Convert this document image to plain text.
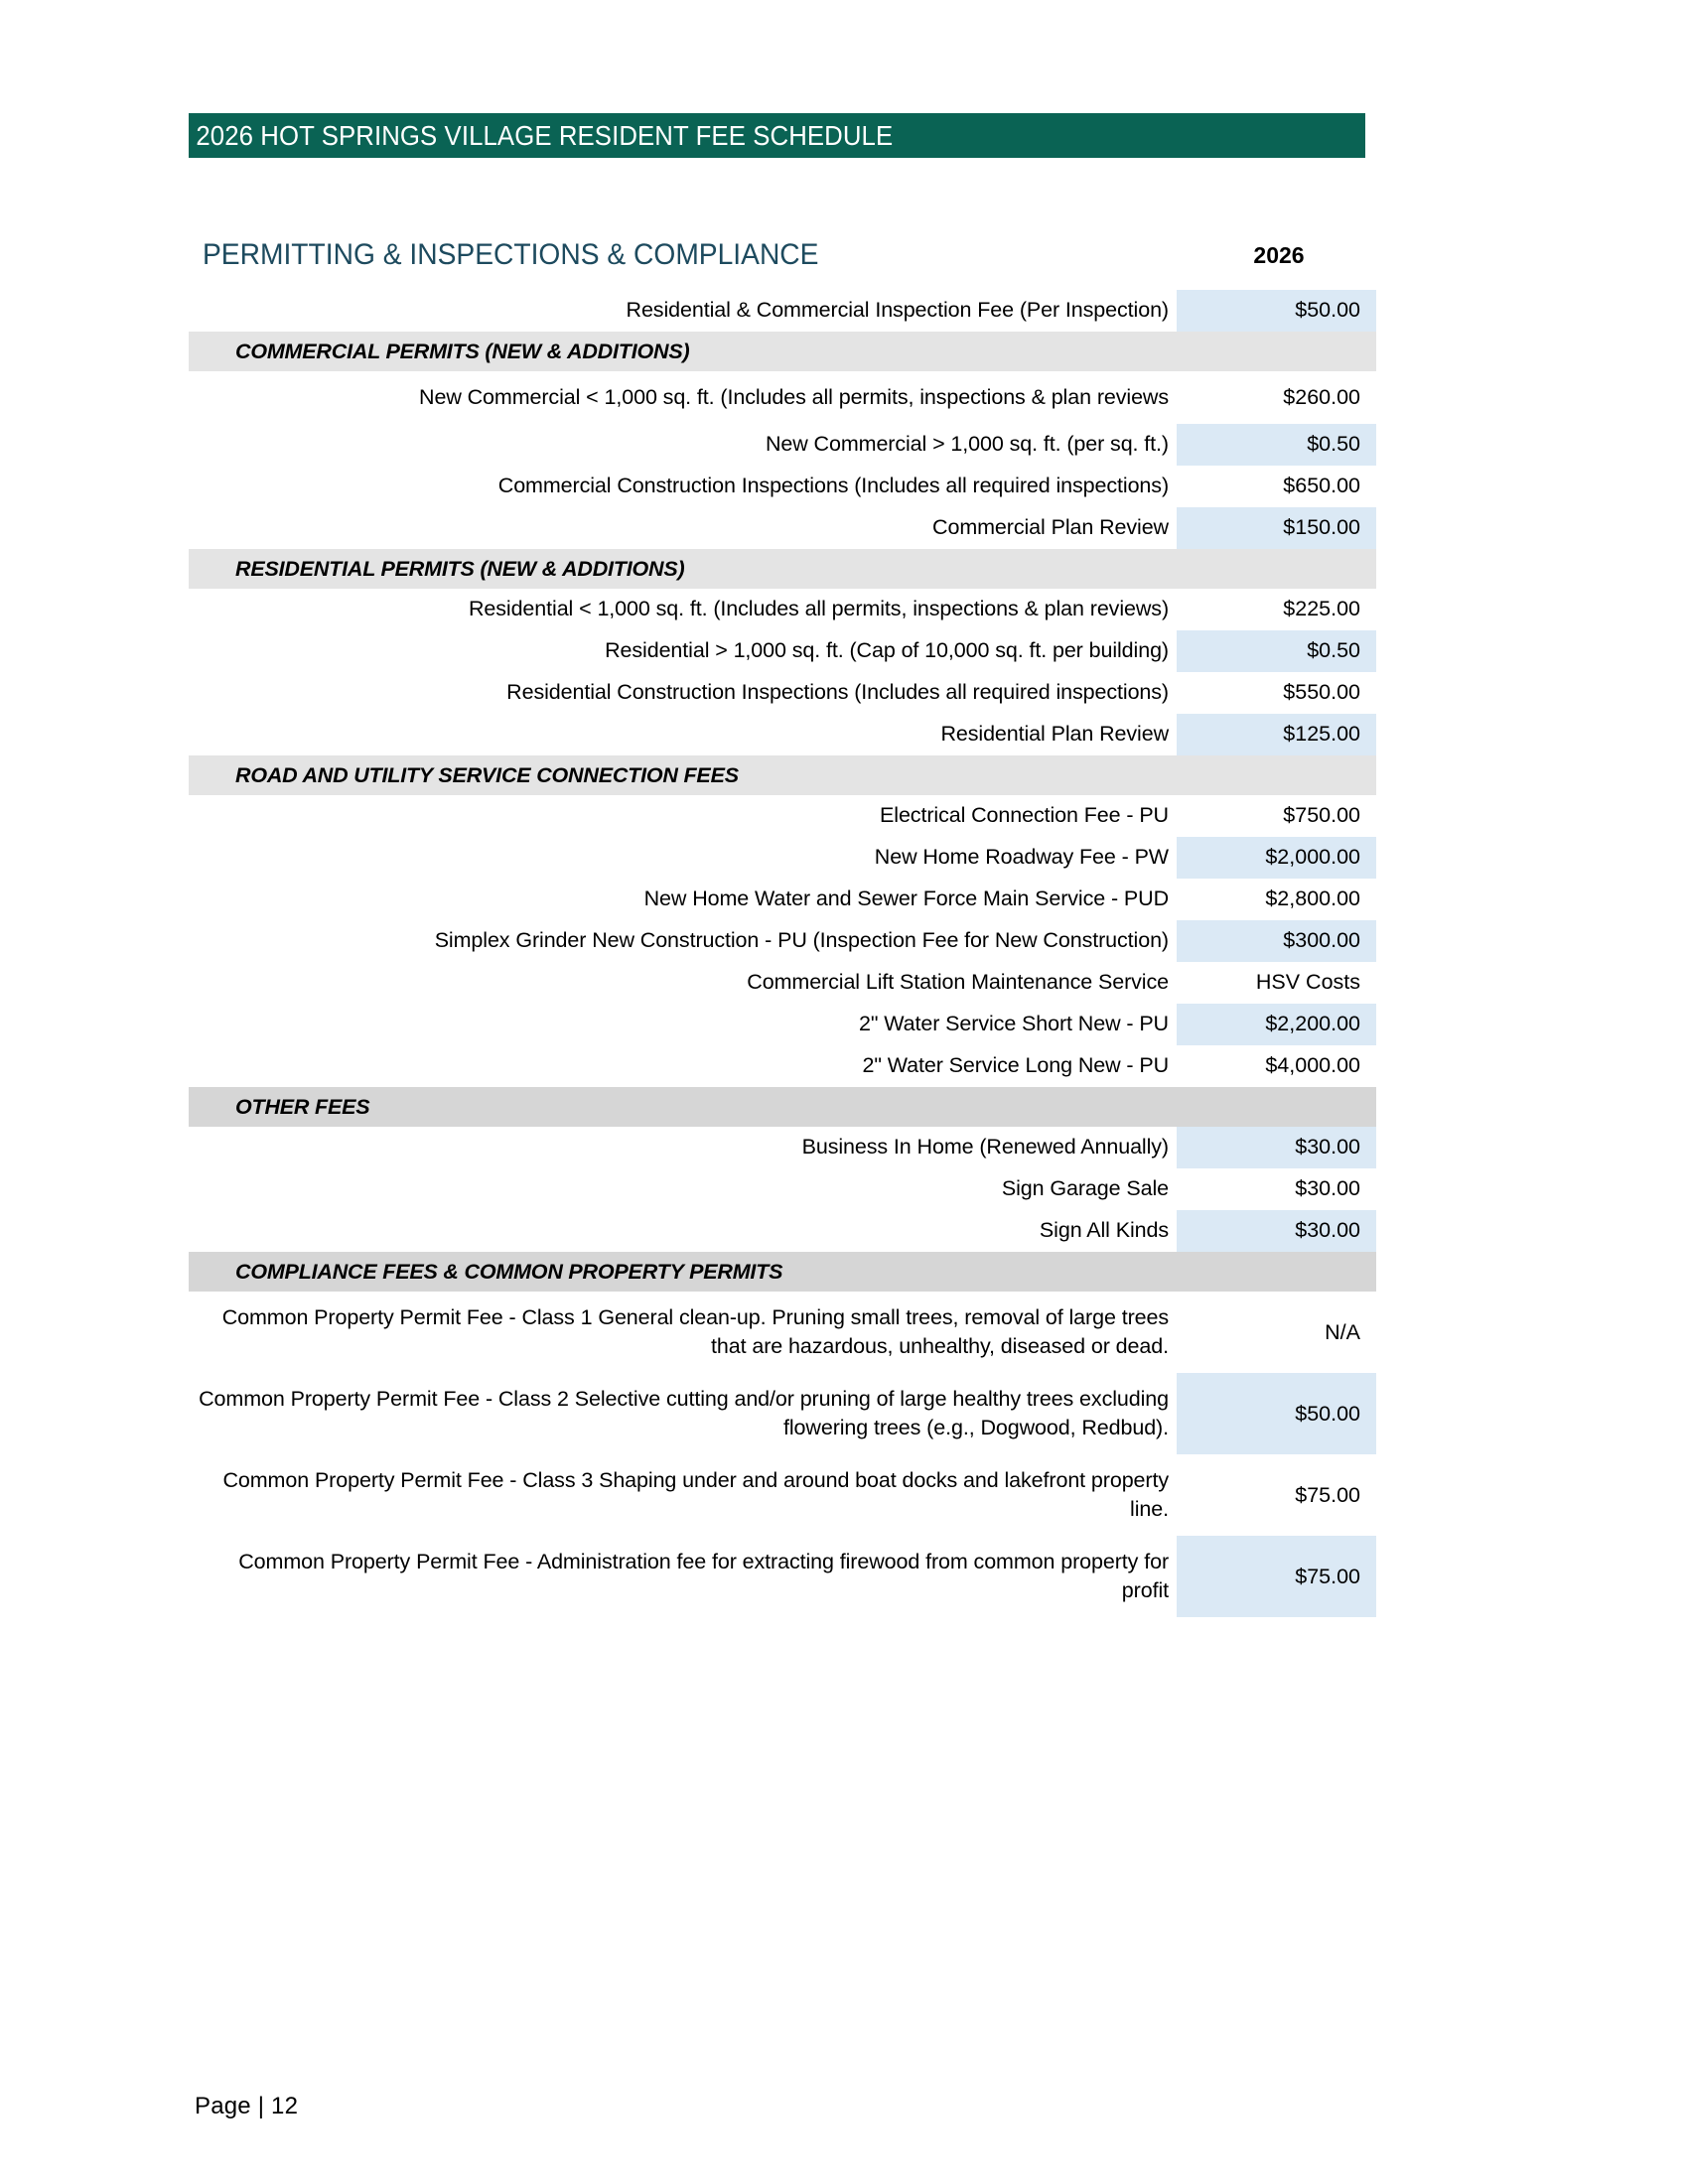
2026 HOT SPRINGS VILLAGE RESIDENT FEE SCHEDULE
PERMITTING & INSPECTIONS & COMPLIANCE	2026
Residential & Commercial Inspection Fee (Per Inspection)	$50.00
COMMERCIAL PERMITS (NEW & ADDITIONS)	
New Commercial < 1,000 sq. ft. (Includes all permits, inspections & plan reviews	$260.00
New Commercial > 1,000 sq. ft. (per sq. ft.)	$0.50
Commercial Construction Inspections (Includes all required inspections)	$650.00
Commercial Plan Review	$150.00
RESIDENTIAL PERMITS (NEW & ADDITIONS)	
Residential < 1,000 sq. ft. (Includes all permits, inspections & plan reviews)	$225.00
Residential > 1,000 sq. ft. (Cap of 10,000 sq. ft. per building)	$0.50
Residential Construction Inspections (Includes all required inspections)	$550.00
Residential Plan Review	$125.00
ROAD AND UTILITY SERVICE CONNECTION FEES	
Electrical Connection Fee - PU	$750.00
New Home Roadway Fee - PW	$2,000.00
New Home Water and Sewer Force Main Service - PUD	$2,800.00
Simplex Grinder New Construction - PU (Inspection Fee for New Construction)	$300.00
Commercial Lift Station Maintenance Service	HSV Costs
2" Water Service Short New - PU	$2,200.00
2" Water Service Long New - PU	$4,000.00
OTHER FEES	
Business In Home (Renewed Annually)	$30.00
Sign Garage Sale	$30.00
Sign All Kinds	$30.00
COMPLIANCE FEES & COMMON PROPERTY PERMITS	
Common Property Permit Fee - Class 1 General clean-up. Pruning small trees, removal of large trees that are hazardous, unhealthy, diseased or dead.	N/A
Common Property Permit Fee - Class 2 Selective cutting and/or pruning of large healthy trees excluding flowering trees (e.g., Dogwood, Redbud).	$50.00
Common Property Permit Fee - Class 3 Shaping under and around boat docks and lakefront property line.	$75.00
Common Property Permit Fee - Administration fee for extracting firewood from common property for profit	$75.00
Page | 12
